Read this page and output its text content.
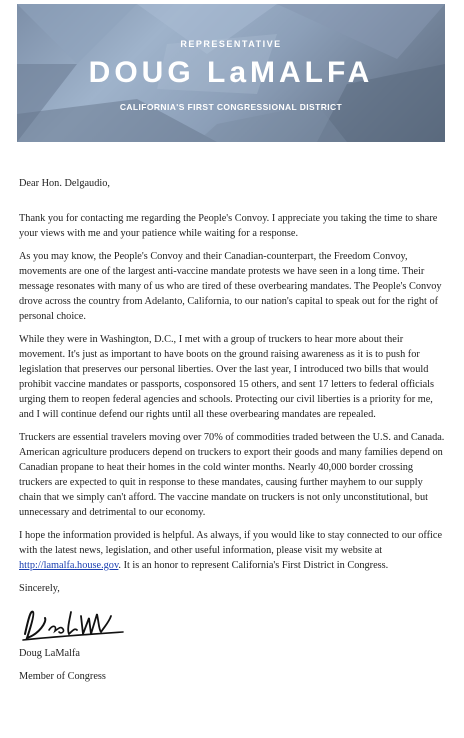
REPRESENTATIVE
DOUG LaMALFA
CALIFORNIA'S FIRST CONGRESSIONAL DISTRICT

Dear Hon. Delgaudio,

Thank you for contacting me regarding the People's Convoy. I appreciate you taking the time to share your views with me and your patience while waiting for a response.

As you may know, the People's Convoy and their Canadian-counterpart, the Freedom Convoy, movements are one of the largest anti-vaccine mandate protests we have seen in a long time. Their message resonates with many of us who are tired of these overbearing mandates. The People's Convoy drove across the country from Adelanto, California, to our nation's capital to speak out for the right of personal choice.

While they were in Washington, D.C., I met with a group of truckers to hear more about their movement. It's just as important to have boots on the ground raising awareness as it is to push for legislation that preserves our personal liberties. Over the last year, I introduced two bills that would prohibit vaccine mandates or passports, cosponsored 15 others, and sent 17 letters to federal officials urging them to reopen federal agencies and schools. Protecting our civil liberties is a priority for me, and I will continue defend our rights until all these overbearing mandates are repealed.

Truckers are essential travelers moving over 70% of commodities traded between the U.S. and Canada. American agriculture producers depend on truckers to export their goods and many families depend on Canadian propane to heat their homes in the cold winter months. Nearly 40,000 border crossing truckers are expected to quit in response to these mandates, causing further mayhem to our supply chain that we simply can't afford. The vaccine mandate on truckers is not only unconstitutional, but unnecessary and detrimental to our economy.

I hope the information provided is helpful. As always, if you would like to stay connected to our office with the latest news, legislation, and other useful information, please visit my website at http://lamalfa.house.gov. It is an honor to represent California's First District in Congress.

Sincerely,

Doug LaMalfa

Member of Congress
